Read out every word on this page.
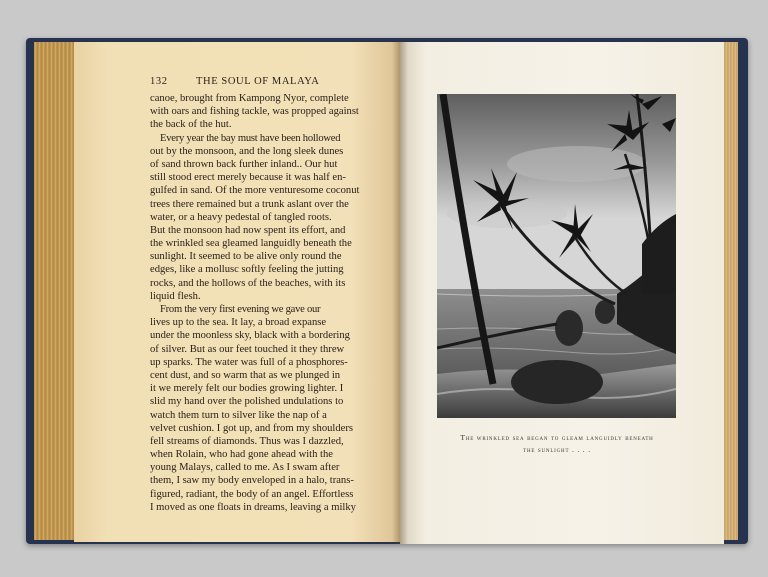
132	THE SOUL OF MALAYA
canoe, brought from Kampong Nyor, complete
with oars and fishing tackle, was propped against
the back of the hut.
Every year the bay must have been hollowed
out by the monsoon, and the long sleek dunes
of sand thrown back further inland.. Our hut
still stood erect merely because it was half en-
gulfed in sand. Of the more venturesome coconut
trees there remained but a trunk aslant over the
water, or a heavy pedestal of tangled roots.
But the monsoon had now spent its effort, and
the wrinkled sea gleamed languidly beneath the
sunlight. It seemed to be alive only round the
edges, like a mollusc softly feeling the jutting
rocks, and the hollows of the beaches, with its
liquid flesh.
From the very first evening we gave our
lives up to the sea. It lay, a broad expanse
under the moonless sky, black with a bordering
of silver. But as our feet touched it they threw
up sparks. The water was full of a phosphores-
cent dust, and so warm that as we plunged in
it we merely felt our bodies growing lighter. I
slid my hand over the polished undulations to
watch them turn to silver like the nap of a
velvet cushion. I got up, and from my shoulders
fell streams of diamonds. Thus was I dazzled,
when Rolain, who had gone ahead with the
young Malays, called to me. As I swam after
them, I saw my body enveloped in a halo, trans-
figured, radiant, the body of an angel. Effortless
I moved as one floats in dreams, leaving a milky
The wrinkled sea began to gleam languidly beneath
the sunlight . . . .
